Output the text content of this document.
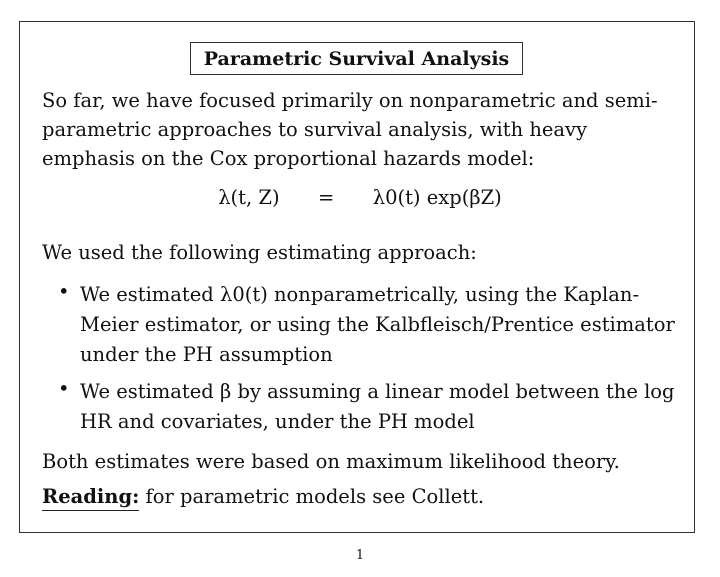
Parametric Survival Analysis
So far, we have focused primarily on nonparametric and semi-parametric approaches to survival analysis, with heavy emphasis on the Cox proportional hazards model:
λ(t, Z) = λ0(t) exp(βZ)
We used the following estimating approach:
• We estimated λ0(t) nonparametrically, using the Kaplan-Meier estimator, or using the Kalbfleisch/Prentice estimator under the PH assumption
• We estimated β by assuming a linear model between the log HR and covariates, under the PH model
Both estimates were based on maximum likelihood theory.
Reading: for parametric models see Collett.
1
